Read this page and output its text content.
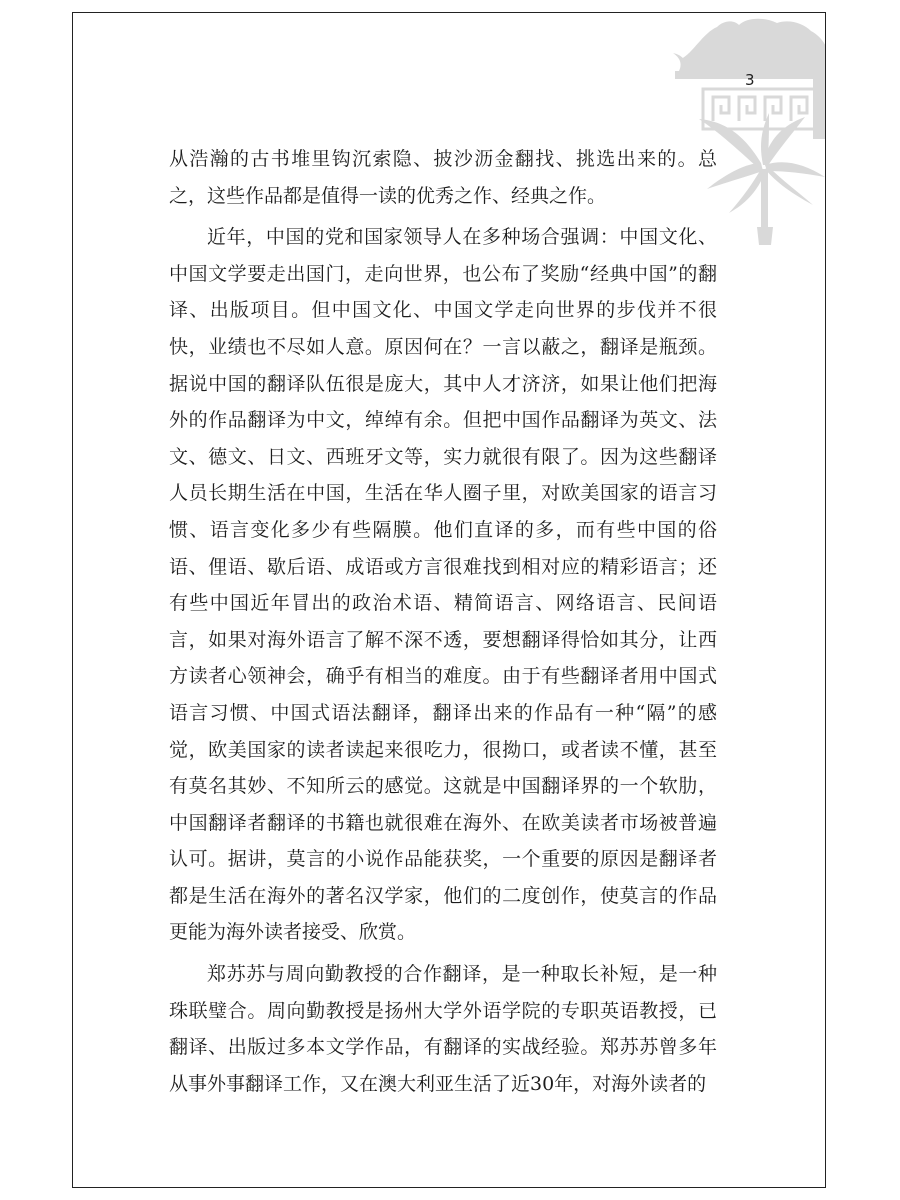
3

从浩瀚的古书堆里钩沉索隐、披沙沥金翻找、挑选出来的。总之，这些作品都是值得一读的优秀之作、经典之作。

近年，中国的党和国家领导人在多种场合强调：中国文化、中国文学要走出国门，走向世界，也公布了奖励“经典中国”的翻译、出版项目。但中国文化、中国文学走向世界的步伐并不很快，业绩也不尽如人意。原因何在？一言以蔽之，翻译是瓶颈。据说中国的翻译队伍很是庞大，其中人才济济，如果让他们把海外的作品翻译为中文，绰绰有余。但把中国作品翻译为英文、法文、德文、日文、西班牙文等，实力就很有限了。因为这些翻译人员长期生活在中国，生活在华人圈子里，对欧美国家的语言习惯、语言变化多少有些隔膜。他们直译的多，而有些中国的俗语、俚语、歇后语、成语或方言很难找到相对应的精彩语言；还有些中国近年冒出的政治术语、精简语言、网络语言、民间语言，如果对海外语言了解不深不透，要想翻译得恰如其分，让西方读者心领神会，确乎有相当的难度。由于有些翻译者用中国式语言习惯、中国式语法翻译，翻译出来的作品有一种“隔”的感觉，欧美国家的读者读起来很吃力，很拗口，或者读不懂，甚至有莫名其妙、不知所云的感觉。这就是中国翻译界的一个软肋，中国翻译者翻译的书籍也就很难在海外、在欧美读者市场被普遍认可。据讲，莫言的小说作品能获奖，一个重要的原因是翻译者都是生活在海外的著名汉学家，他们的二度创作，使莫言的作品更能为海外读者接受、欣赏。

郑苏苏与周向勤教授的合作翻译，是一种取长补短，是一种珠联璧合。周向勤教授是扬州大学外语学院的专职英语教授，已翻译、出版过多本文学作品，有翻译的实战经验。郑苏苏曾多年从事外事翻译工作，又在澳大利亚生活了近30年，对海外读者的
